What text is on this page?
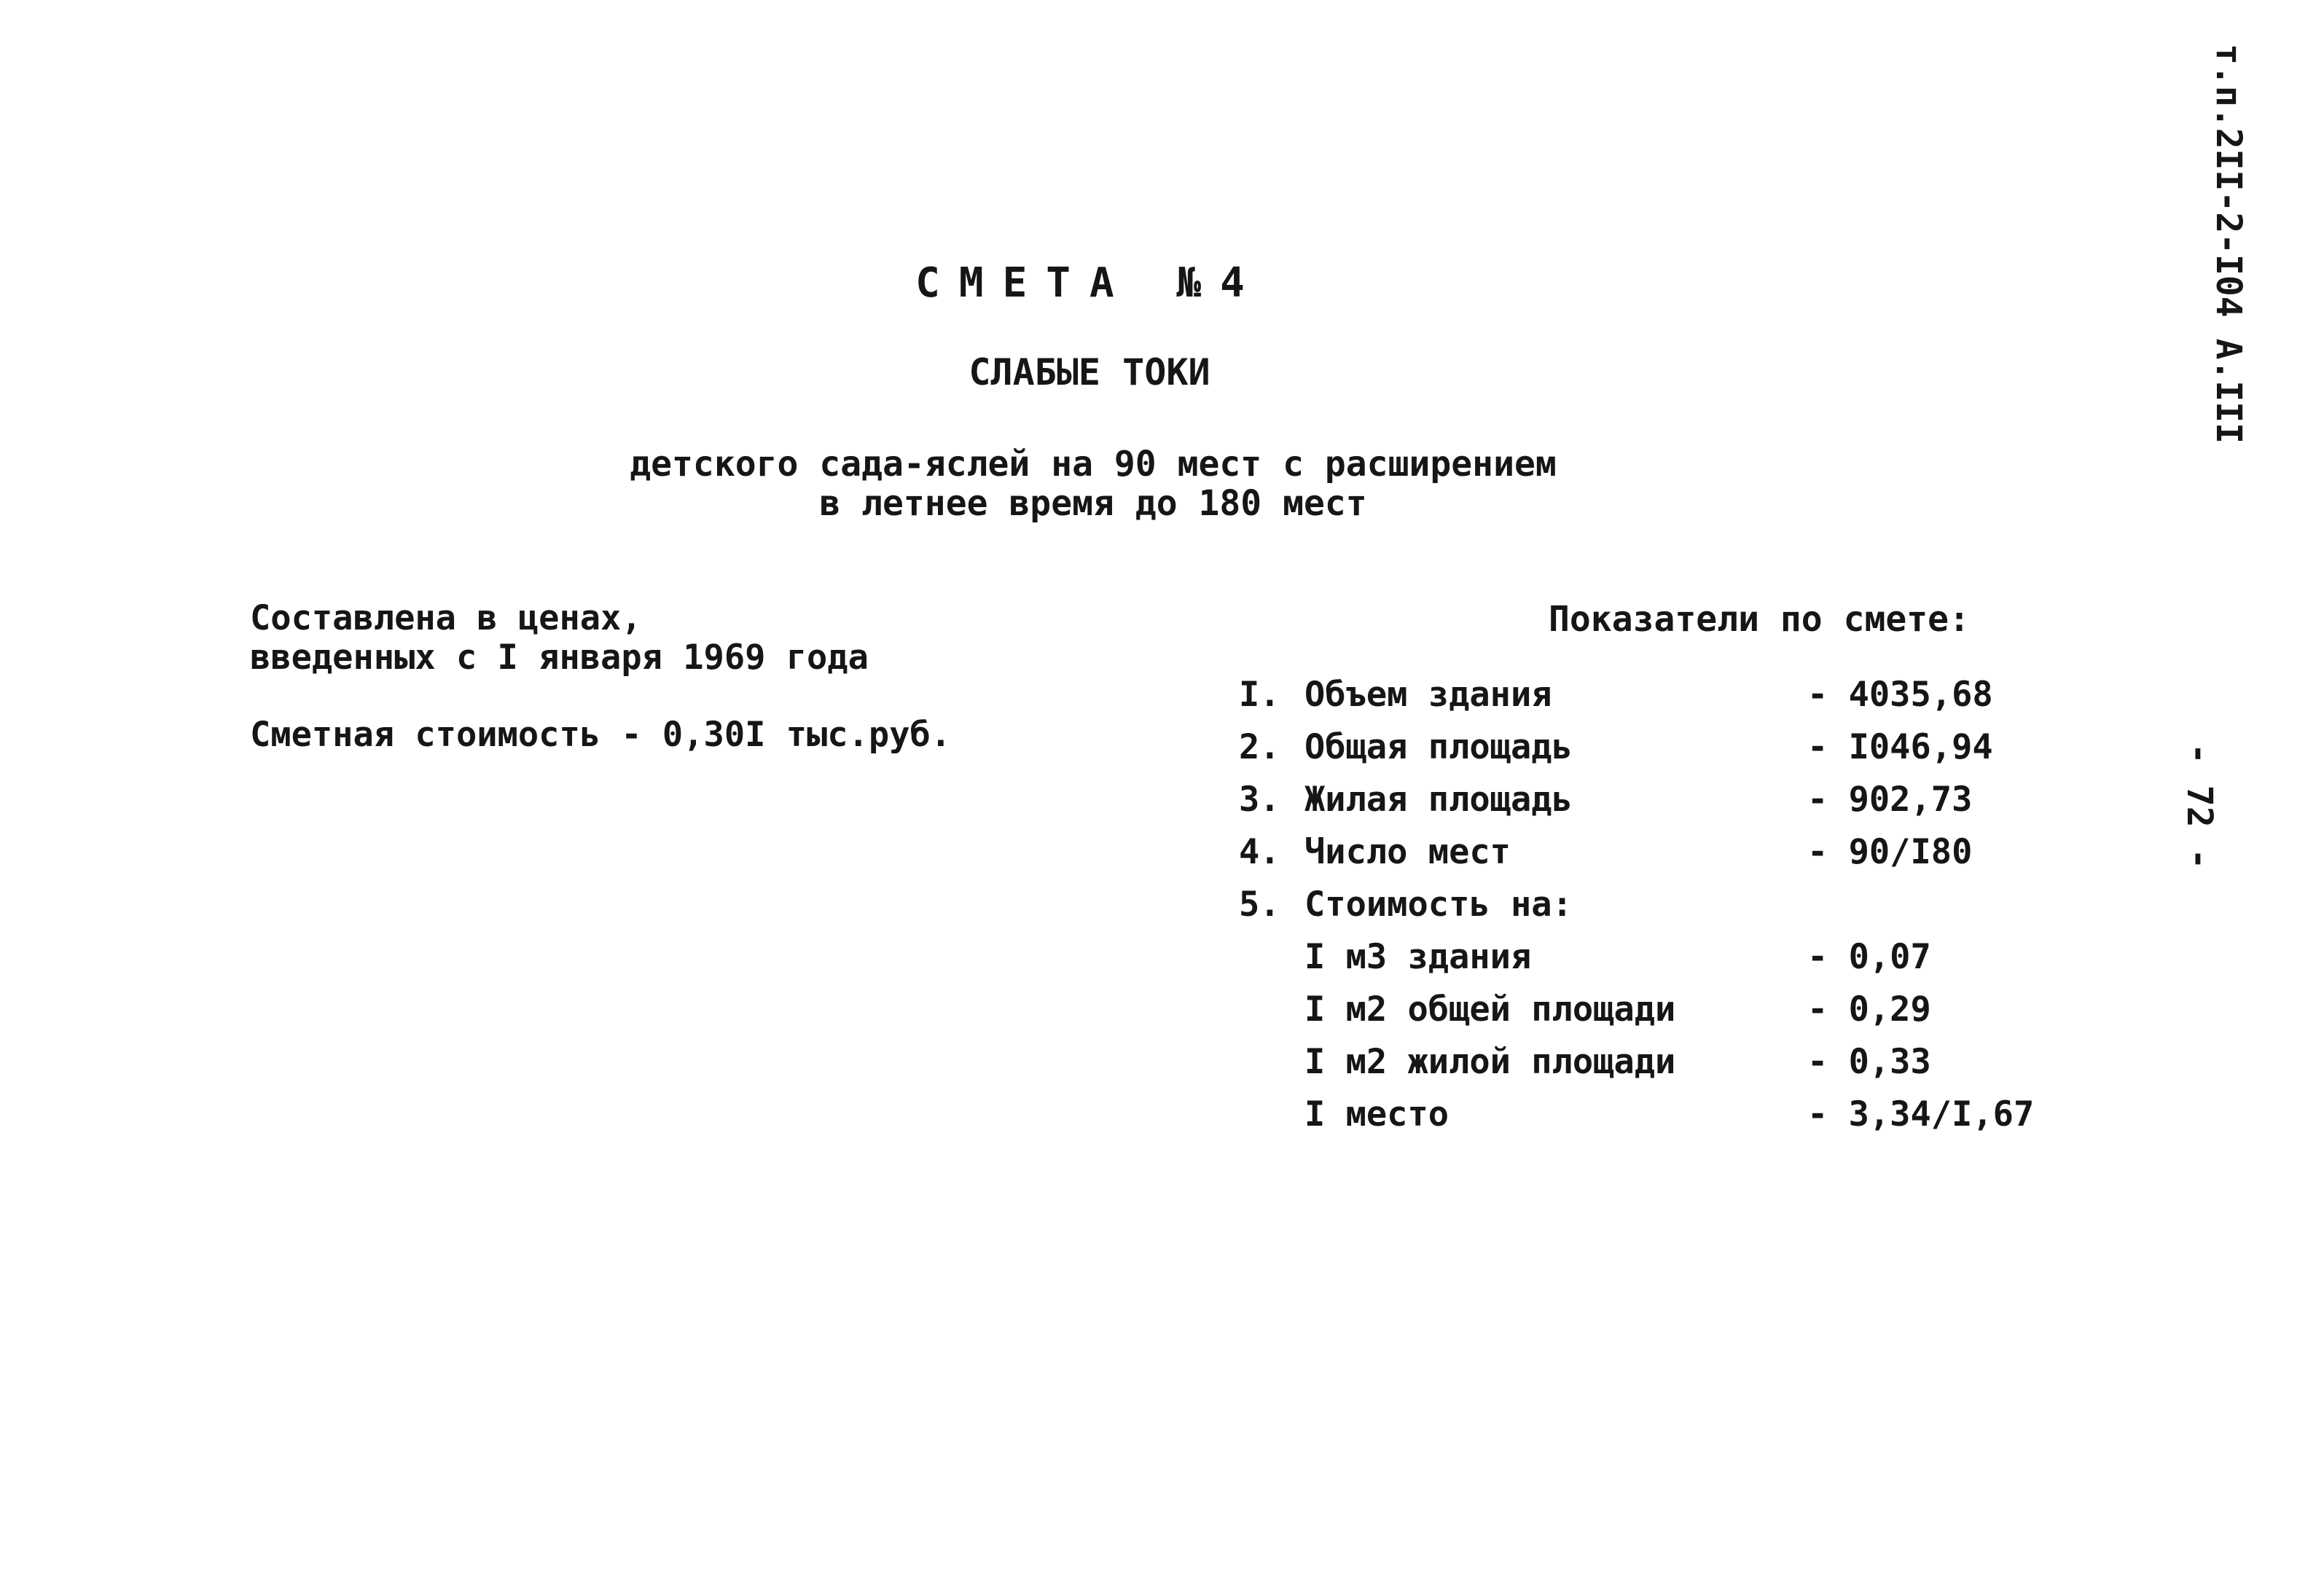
СМЕТА №4
СЛАБЫЕ ТОКИ
детского сада-яслей на 90 мест с расширением
в летнее время до 180 мест
Составлена в ценах,
введенных с I января 1969 года
Сметная стоимость - 0,30I тыс.руб.
Показатели по смете:
I. Объем здания	- 4035,68
2. Общая площадь	- I046,94
3. Жилая площадь	- 902,73
4. Число мест	- 90/I80
5. Стоимость на:
I м3 здания	- 0,07
I м2 общей площади	- 0,29
I м2 жилой площади	- 0,33
I место	- 3,34/I,67
т.п.2II-2-I04 А.III
- 72 -
